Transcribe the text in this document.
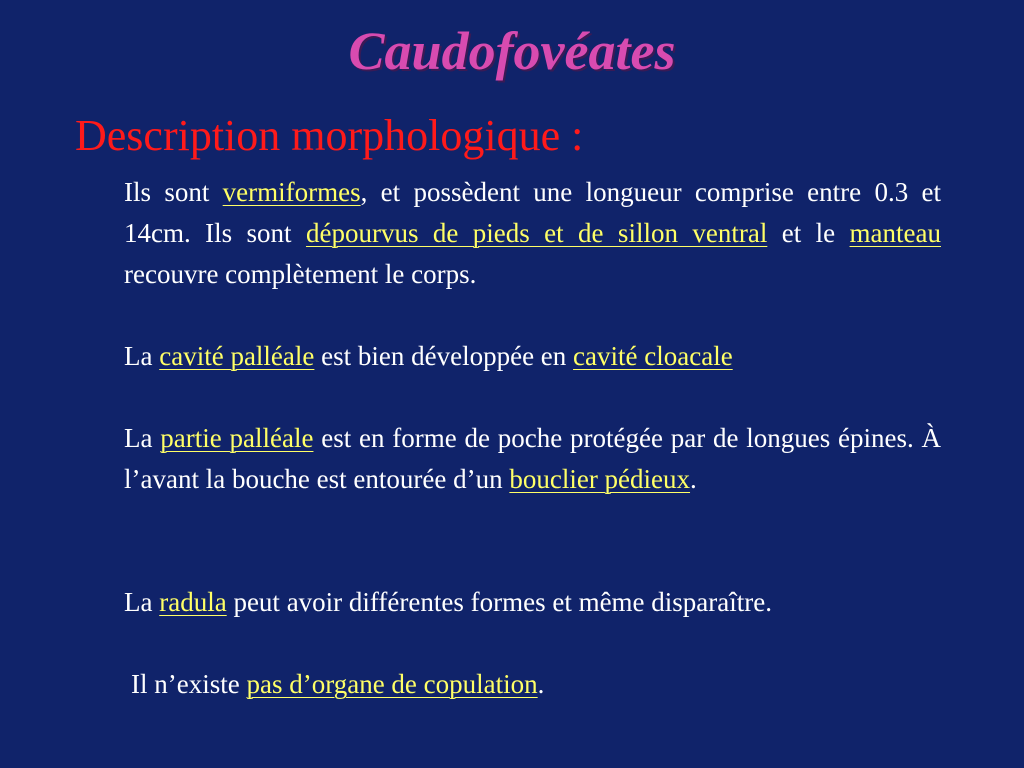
Caudofovéates
Description morphologique :

Ils sont vermiformes, et possèdent une longueur comprise entre 0.3 et 14cm. Ils sont dépourvus de pieds et de sillon ventral et le manteau recouvre complètement le corps.

La cavité palléale est bien développée en cavité cloacale

La partie palléale est en forme de poche protégée par de longues épines. À l’avant la bouche est entourée d’un bouclier pédieux.

La radula peut avoir différentes formes et même disparaître.

Il n’existe pas d’organe de copulation.
